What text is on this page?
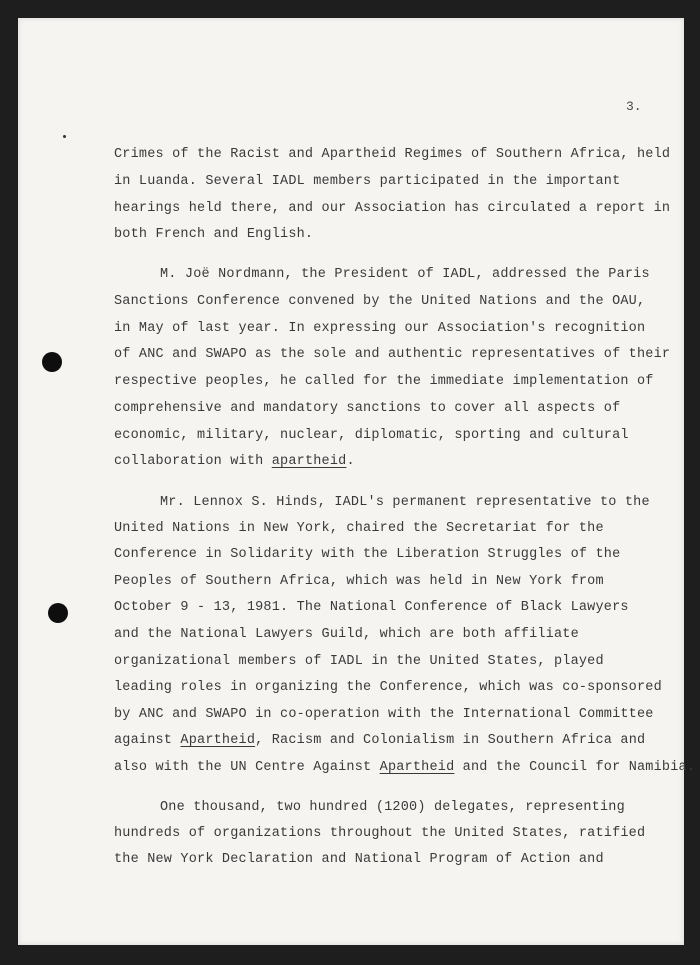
3.
Crimes of the Racist and Apartheid Regimes of Southern Africa, held
in Luanda. Several IADL members participated in the important
hearings held there, and our Association has circulated a report in
both French and English.
M. Joë Nordmann, the President of IADL, addressed the Paris
Sanctions Conference convened by the United Nations and the OAU,
in May of last year. In expressing our Association's recognition
of ANC and SWAPO as the sole and authentic representatives of their
respective peoples, he called for the immediate implementation of
comprehensive and mandatory sanctions to cover all aspects of
economic, military, nuclear, diplomatic, sporting and cultural
collaboration with apartheid.
Mr. Lennox S. Hinds, IADL's permanent representative to the
United Nations in New York, chaired the Secretariat for the
Conference in Solidarity with the Liberation Struggles of the
Peoples of Southern Africa, which was held in New York from
October 9 - 13, 1981. The National Conference of Black Lawyers
and the National Lawyers Guild, which are both affiliate
organizational members of IADL in the United States, played
leading roles in organizing the Conference, which was co-sponsored
by ANC and SWAPO in co-operation with the International Committee
against Apartheid, Racism and Colonialism in Southern Africa and
also with the UN Centre Against Apartheid and the Council for Namibia.
One thousand, two hundred (1200) delegates, representing
hundreds of organizations throughout the United States, ratified
the New York Declaration and National Program of Action and
